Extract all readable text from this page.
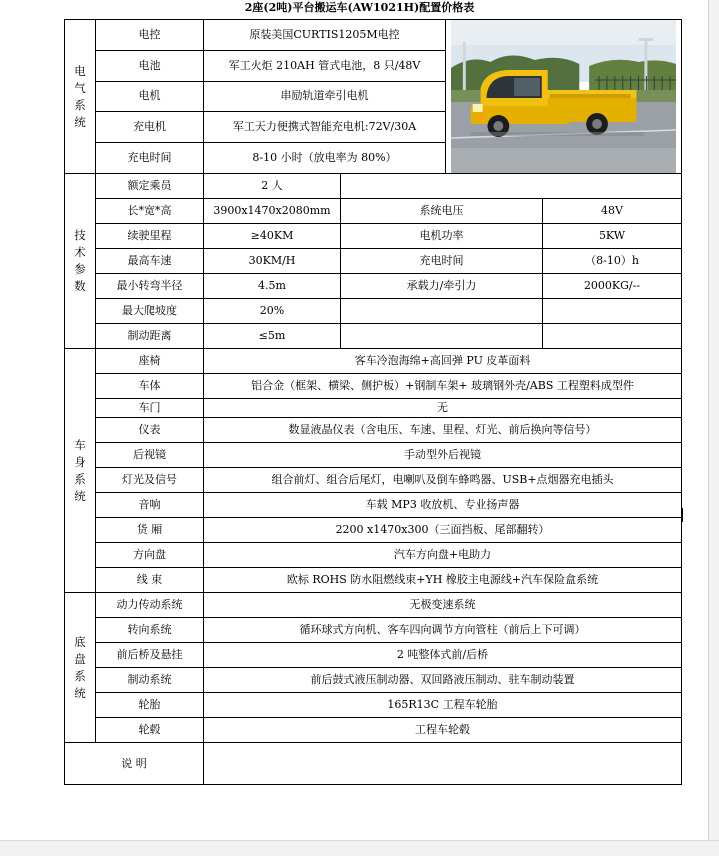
2座(2吨)平台搬运车(AW1021H)配置价格表
电气系统	电控	原装美国CURTIS1205M电控	

	电池	军工火炬 210AH 管式电池，8 只/48V			
	电机	串励轨道牵引电机			
	充电机	军工天力便携式智能充电机:72V/30A			
	充电时间	8-10 小时（放电率为 80%）			

技术参数	额定乘员	2 人			
	长*宽*高	3900x1470x2080mm	系统电压		48V
	续驶里程	≥40KM	电机功率		5KW
	最高车速	30KM/H	充电时间		（8-10）h
	最小转弯半径	4.5m	承载力/牵引力		2000KG/--
	最大爬坡度	20%			
	制动距离	≤5m			

车身系统	座椅	客车冷泡海绵+高回弹 PU 皮革面料			
	车体	铝合金（框架、横梁、侧护板）+钢制车架+ 玻璃钢外壳/ABS 工程塑料成型件			
	车门	无			
	仪表	数显液晶仪表（含电压、车速、里程、灯光、前后换向等信号）			
	后视镜	手动型外后视镜			
	灯光及信号	组合前灯、组合后尾灯，电喇叭及倒车蜂鸣器、USB+点烟器充电插头			
	音响	车载 MP3 收放机、专业扬声器			
	货 厢	2200 x1470x300（三面挡板、尾部翻转）			
	方向盘	汽车方向盘+电助力			
	线 束	欧标 ROHS 防水阻燃线束+YH 橡胶主电源线+汽车保险盒系统			

底盘系统	动力传动系统	无极变速系统			
	转向系统	循环球式方向机、客车四向调节方向管柱（前后上下可调）			
	前后桥及悬挂	2 吨整体式前/后桥			
	制动系统	前后鼓式液压制动器、双回路液压制动、驻车制动装置			
	轮胎	165R13C 工程车轮胎			
	轮毂	工程车轮毂			
说 明					
